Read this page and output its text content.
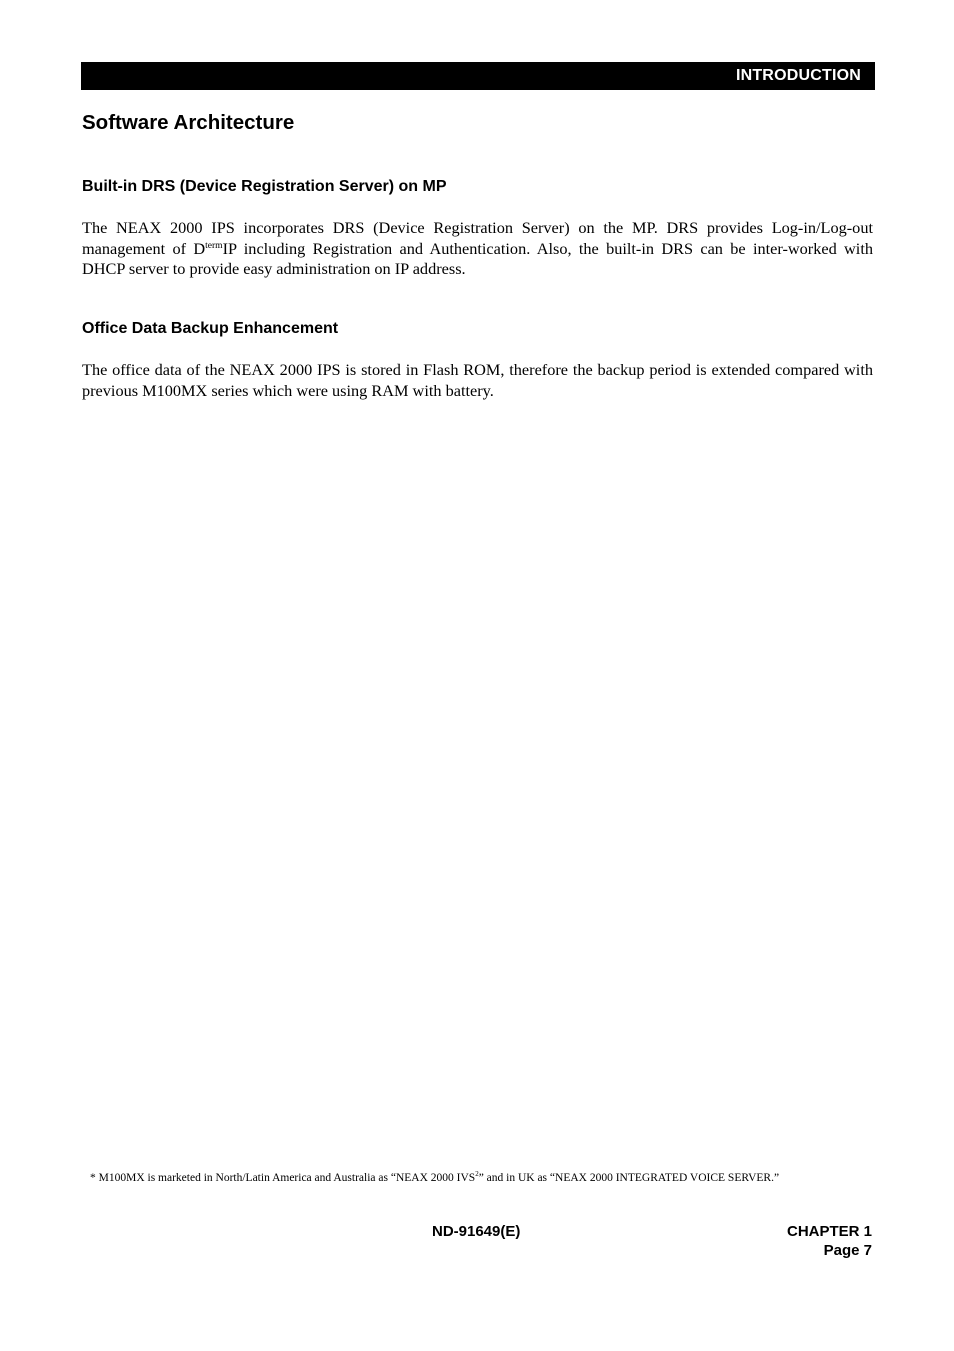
INTRODUCTION
Software Architecture
Built-in DRS (Device Registration Server) on MP

The NEAX 2000 IPS incorporates DRS (Device Registration Server) on the MP. DRS provides Log-in/Log-out management of $D^{term}IP$ including Registration and Authentication. Also, the built-in DRS can be inter-worked with DHCP server to provide easy administration on IP address.

Office Data Backup Enhancement

The office data of the NEAX 2000 IPS is stored in Flash ROM, therefore the backup period is extended compared with previous M100MX series which were using RAM with battery.

* M100MX is marketed in North/Latin America and Australia as “NEAX 2000 IVS$^2$” and in UK as “NEAX 2000 INTEGRATED VOICE SERVER.”

ND-91649(E)	CHAPTER 1
Page 7
